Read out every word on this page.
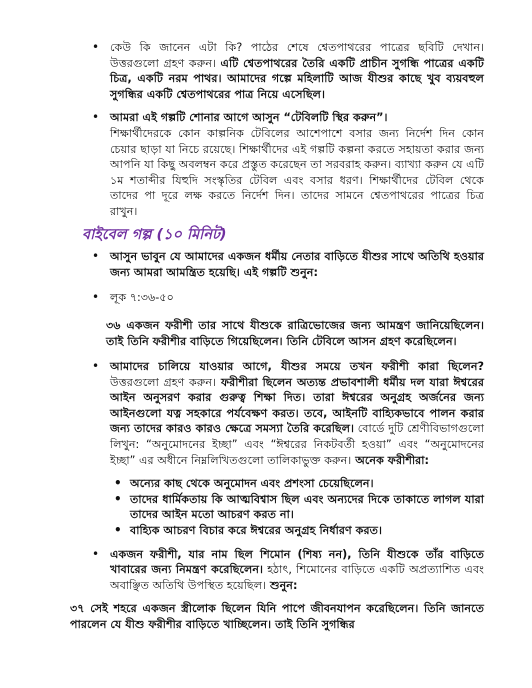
• কেউ কি জানেন এটা কি? পাঠের শেষে শ্বেতপাথরের পাত্রের ছবিটি দেখান। উত্তরগুলো গ্রহণ করুন। এটি শ্বেতপাথরের তৈরি একটি প্রাচীন সুগন্ধি পাত্রের একটি চিত্র, একটি নরম পাথর। আমাদের গল্পে মহিলাটি আজ যীশুর কাছে খুব ব্যয়বহুল সুগন্ধির একটি শ্বেতপাথরের পাত্র নিয়ে এসেছিল।

• আমরা এই গল্পটি শোনার আগে আসুন “টেবিলটি স্থির করুন”।
শিক্ষার্থীদেরকে কোন কাল্পনিক টেবিলের আশেপাশে বসার জন্য নির্দেশ দিন কোন চেয়ার ছাড়া যা নিচে রয়েছে। শিক্ষার্থীদের এই গল্পটি কল্পনা করতে সহায়তা করার জন্য আপনি যা কিছু অবলম্বন করে প্রস্তুত করেছেন তা সরবরাহ করুন। ব্যাখ্যা করুন যে এটি ১ম শতাব্দীর যিহুদি সংস্কৃতির টেবিল এবং বসার ধরণ। শিক্ষার্থীদের টেবিল থেকে তাদের পা দূরে লক্ষ করতে নির্দেশ দিন। তাদের সামনে শ্বেতপাথরের পাত্রের চিত্র রাখুন।

বাইবেল গল্প (১০ মিনিট)
• আসুন ভাবুন যে আমাদের একজন ধর্মীয় নেতার বাড়িতে যীশুর সাথে অতিথি হওয়ার জন্য আমরা আমন্ত্রিত হয়েছি। এই গল্পটি শুনুন:

• লূক ৭:৩৬-৫০

৩৬ একজন ফরীশী তার সাথে যীশুকে রাত্রিভোজের জন্য আমন্ত্রণ জানিয়েছিলেন। তাই তিনি ফরীশীর বাড়িতে গিয়েছিলেন। তিনি টেবিলে আসন গ্রহণ করেছিলেন।

• আমাদের চালিয়ে যাওয়ার আগে, যীশুর সময়ে তখন ফরীশী কারা ছিলেন? উত্তরগুলো গ্রহণ করুন। ফরীশীরা ছিলেন অত্যন্ত প্রভাবশালী ধর্মীয় দল যারা ঈশ্বরের আইন অনুসরণ করার গুরুত্ব শিক্ষা দিত। তারা ঈশ্বরের অনুগ্রহ অর্জনের জন্য আইনগুলো যত্ন সহকারে পর্যবেক্ষণ করত। তবে, আইনটি বাহ্যিকভাবে পালন করার জন্য তাদের কারও কারও ক্ষেত্রে সমস্যা তৈরি করেছিল। বোর্ডে দুটি শ্রেণীবিভাগগুলো লিখুন: “অনুমোদনের ইচ্ছা” এবং “ঈশ্বরের নিকটবর্তী হওয়া” এবং “অনুমোদনের ইচ্ছা” এর অধীনে নিম্নলিখিতগুলো তালিকাভুক্ত করুন। অনেক ফরীশীরা:

• অন্যের কাছ থেকে অনুমোদন এবং প্রশংসা চেয়েছিলেন।
• তাদের ধার্মিকতায় কি আত্মবিশ্বাস ছিল এবং অন্যদের দিকে তাকাতে লাগল যারা তাদের আইন মতো আচরণ করত না।
• বাহ্যিক আচরণ বিচার করে ঈশ্বরের অনুগ্রহ নির্ধারণ করত।
• একজন ফরীশী, যার নাম ছিল শিমোন (শিষ্য নন), তিনি যীশুকে তাঁর বাড়িতে খাবারের জন্য নিমন্ত্রণ করেছিলেন। হঠাৎ, শিমোনের বাড়িতে একটি অপ্রত্যাশিত এবং অবাঞ্ছিত অতিথি উপস্থিত হয়েছিল। শুনুন:

৩৭ সেই শহরে একজন স্ত্রীলোক ছিলেন যিনি পাপে জীবনযাপন করেছিলেন। তিনি জানতে পারলেন যে যীশু ফরীশীর বাড়িতে খাচ্ছিলেন। তাই তিনি সুগন্ধির
